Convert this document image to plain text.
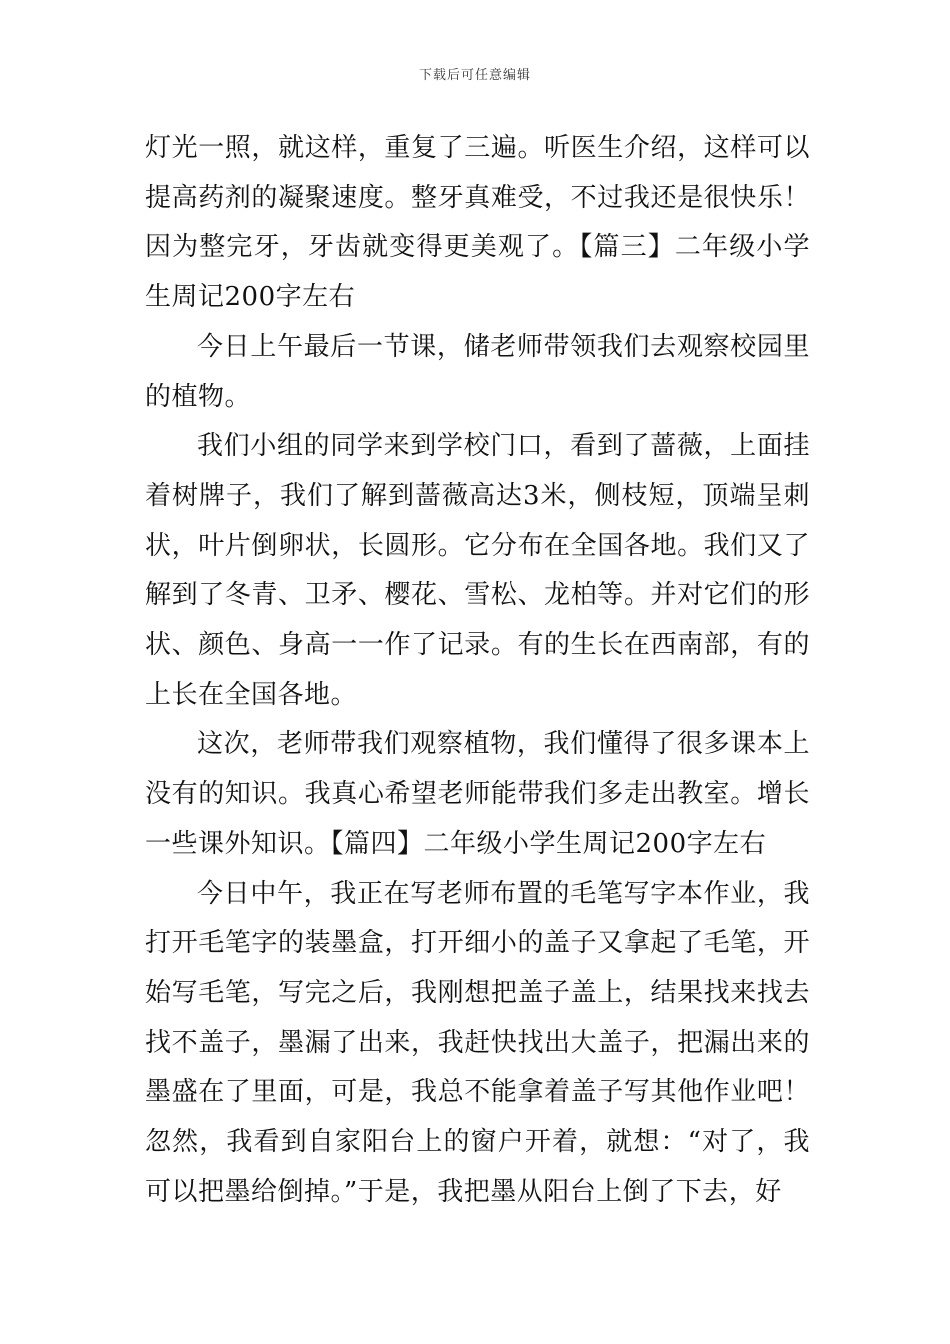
下载后可任意编辑

灯光一照，就这样，重复了三遍。听医生介绍，这样可以提高药剂的凝聚速度。整牙真难受，不过我还是很快乐！因为整完牙，牙齿就变得更美观了。【篇三】二年级小学生周记200字左右

今日上午最后一节课，储老师带领我们去观察校园里的植物。

我们小组的同学来到学校门口，看到了蔷薇，上面挂着树牌子，我们了解到蔷薇高达3米，侧枝短，顶端呈刺状，叶片倒卵状，长圆形。它分布在全国各地。我们又了解到了冬青、卫矛、樱花、雪松、龙柏等。并对它们的形状、颜色、身高一一作了记录。有的生长在西南部，有的上长在全国各地。

这次，老师带我们观察植物，我们懂得了很多课本上没有的知识。我真心希望老师能带我们多走出教室。增长一些课外知识。【篇四】二年级小学生周记200字左右

今日中午，我正在写老师布置的毛笔写字本作业，我打开毛笔字的装墨盒，打开细小的盖子又拿起了毛笔，开始写毛笔，写完之后，我刚想把盖子盖上，结果找来找去找不盖子，墨漏了出来，我赶快找出大盖子，把漏出来的墨盛在了里面，可是，我总不能拿着盖子写其他作业吧！忽然，我看到自家阳台上的窗户开着，就想：“对了，我可以把墨给倒掉。”于是，我把墨从阳台上倒了下去，好
